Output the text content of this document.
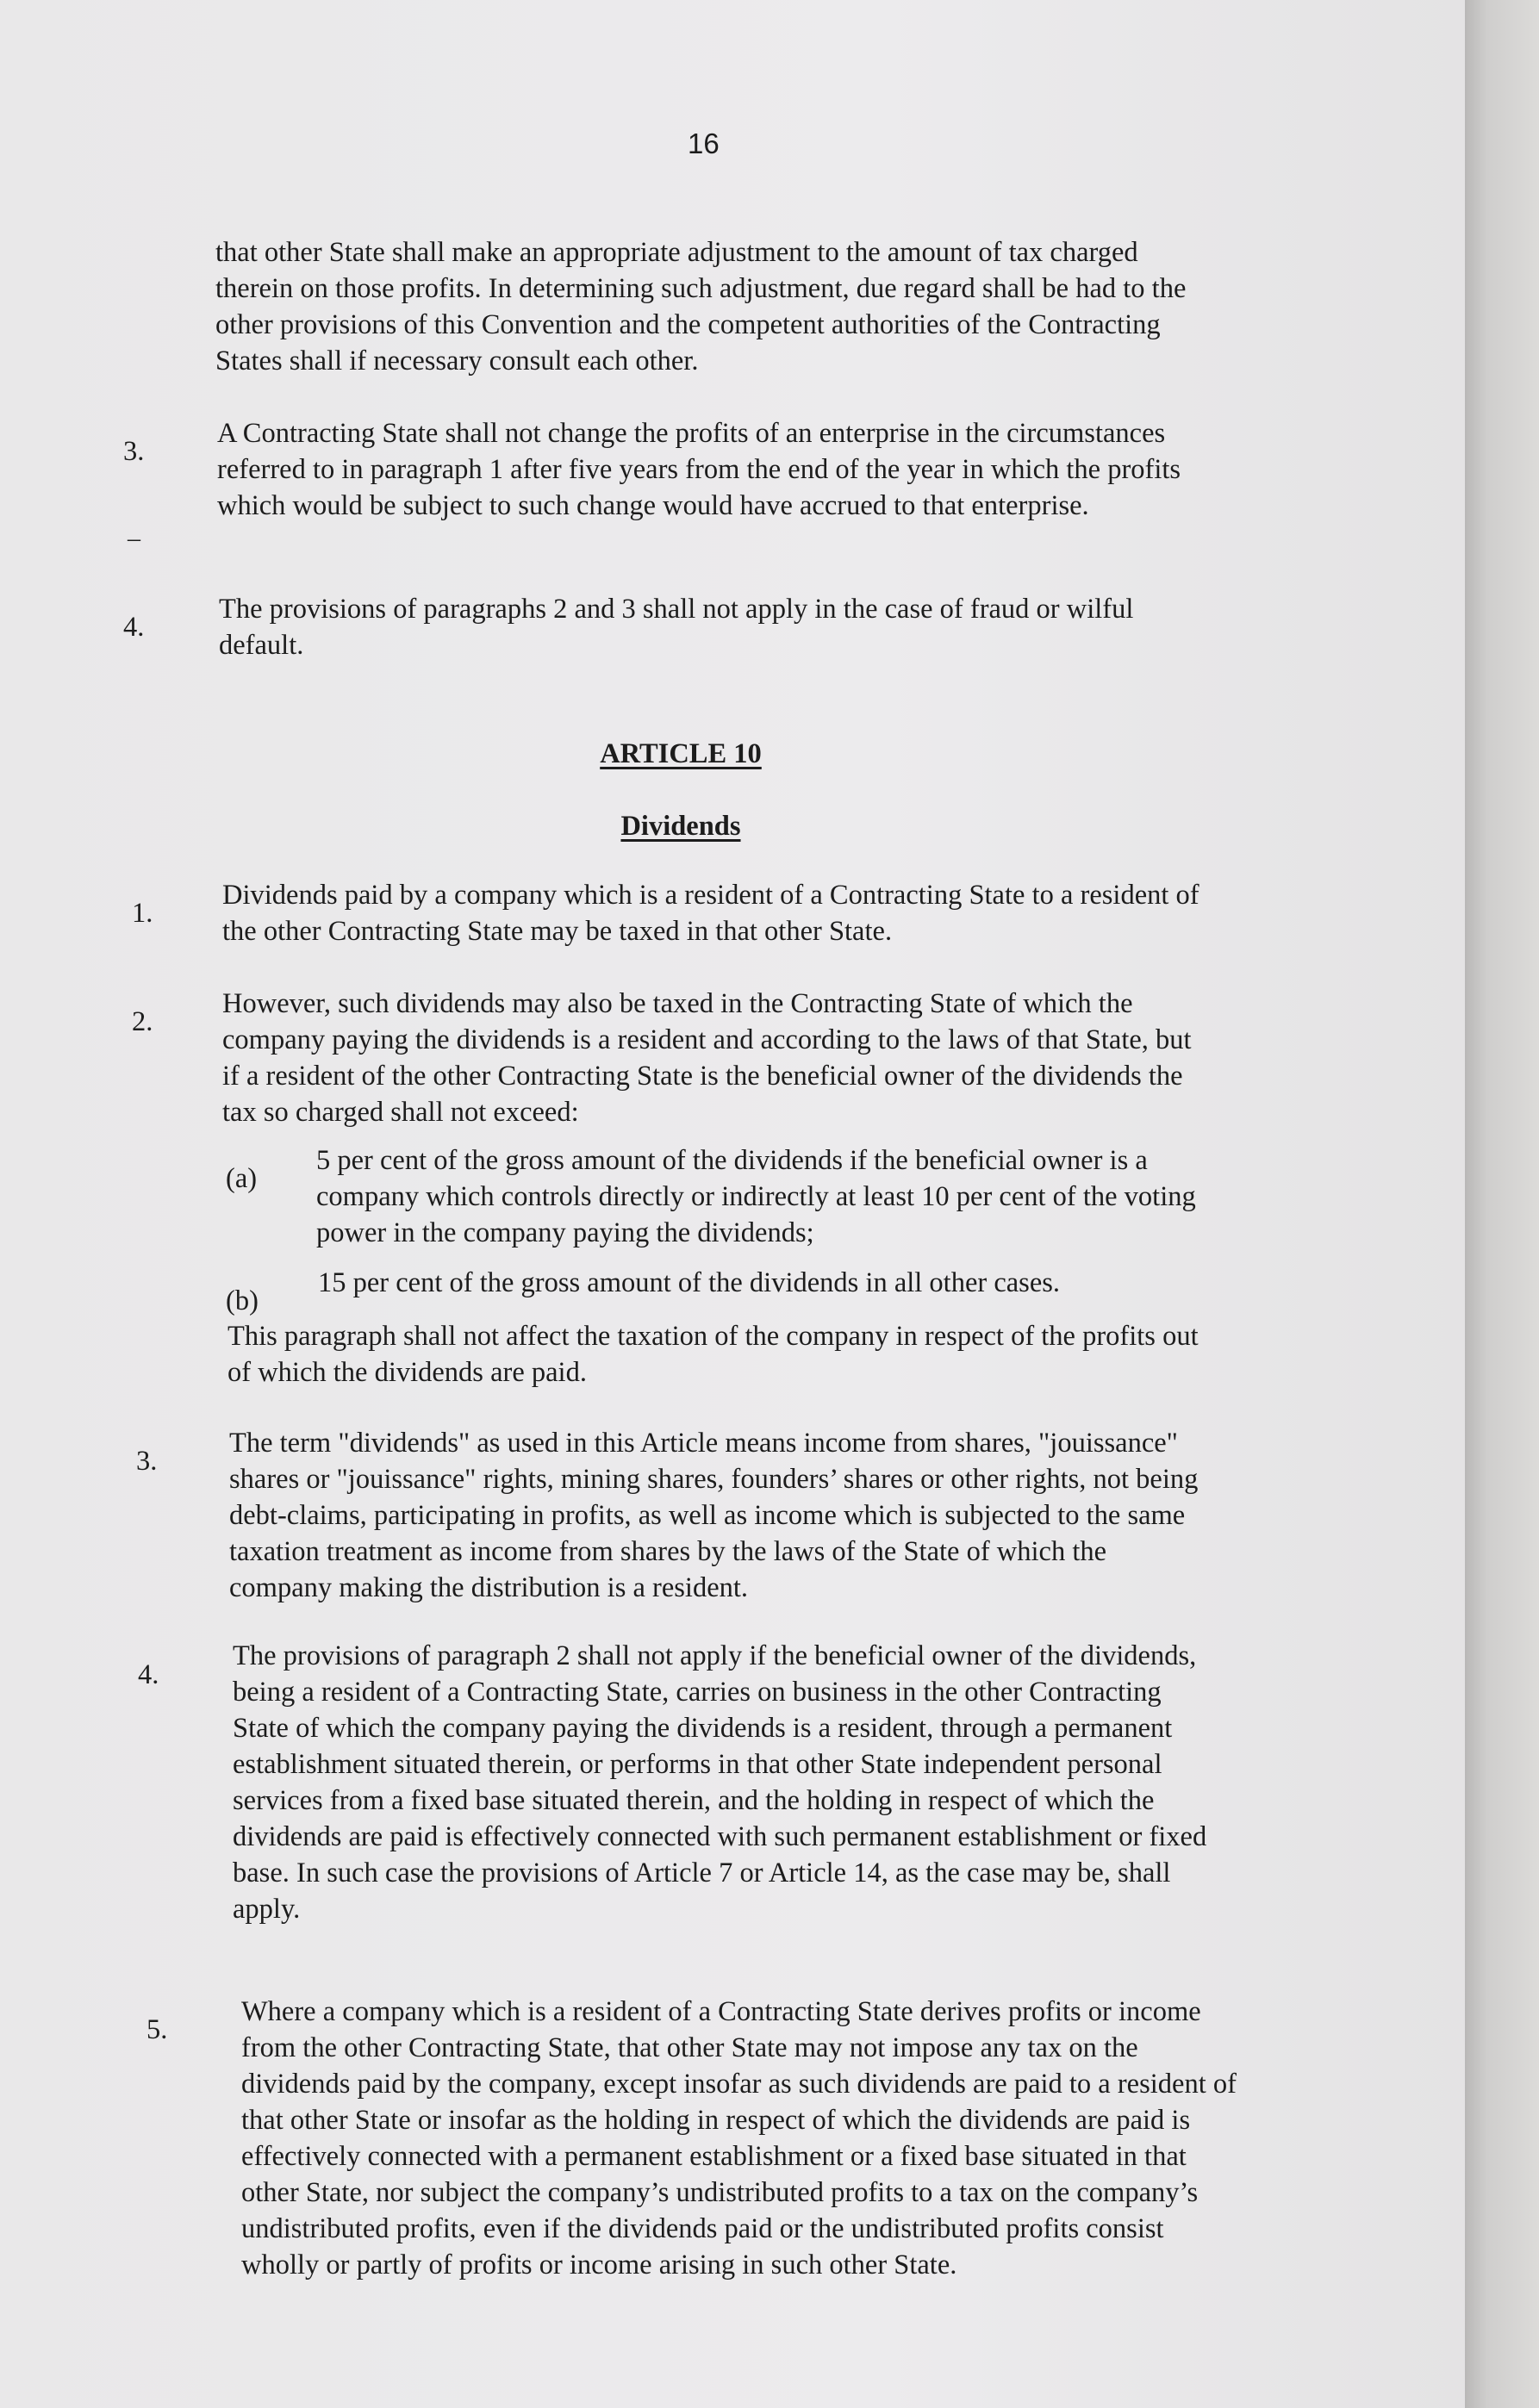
16

that other State shall make an appropriate adjustment to the amount of tax charged therein on those profits. In determining such adjustment, due regard shall be had to the other provisions of this Convention and the competent authorities of the Contracting States shall if necessary consult each other.

3.

A Contracting State shall not change the profits of an enterprise in the circumstances referred to in paragraph 1 after five years from the end of the year in which the profits which would be subject to such change would have accrued to that enterprise.

–
4.

The provisions of paragraphs 2 and 3 shall not apply in the case of fraud or wilful default.

ARTICLE 10
Dividends
1.

Dividends paid by a company which is a resident of a Contracting State to a resident of the other Contracting State may be taxed in that other State.

2.

However, such dividends may also be taxed in the Contracting State of which the company paying the dividends is a resident and according to the laws of that State, but if a resident of the other Contracting State is the beneficial owner of the dividends the tax so charged shall not exceed:

(a)

5 per cent of the gross amount of the dividends if the beneficial owner is a company which controls directly or indirectly at least 10 per cent of the voting power in the company paying the dividends;

(b)

15 per cent of the gross amount of the dividends in all other cases.

This paragraph shall not affect the taxation of the company in respect of the profits out of which the dividends are paid.

3.

The term "dividends" as used in this Article means income from shares, "jouissance" shares or "jouissance" rights, mining shares, founders’ shares or other rights, not being debt-claims, participating in profits, as well as income which is subjected to the same taxation treatment as income from shares by the laws of the State of which the company making the distribution is a resident.

4.

The provisions of paragraph 2 shall not apply if the beneficial owner of the dividends, being a resident of a Contracting State, carries on business in the other Contracting State of which the company paying the dividends is a resident, through a permanent establishment situated therein, or performs in that other State independent personal services from a fixed base situated therein, and the holding in respect of which the dividends are paid is effectively connected with such permanent establishment or fixed base. In such case the provisions of Article 7 or Article 14, as the case may be, shall apply.

5.

Where a company which is a resident of a Contracting State derives profits or income from the other Contracting State, that other State may not impose any tax on the dividends paid by the company, except insofar as such dividends are paid to a resident of that other State or insofar as the holding in respect of which the dividends are paid is effectively connected with a permanent establishment or a fixed base situated in that other State, nor subject the company’s undistributed profits to a tax on the company’s undistributed profits, even if the dividends paid or the undistributed profits consist wholly or partly of profits or income arising in such other State.
